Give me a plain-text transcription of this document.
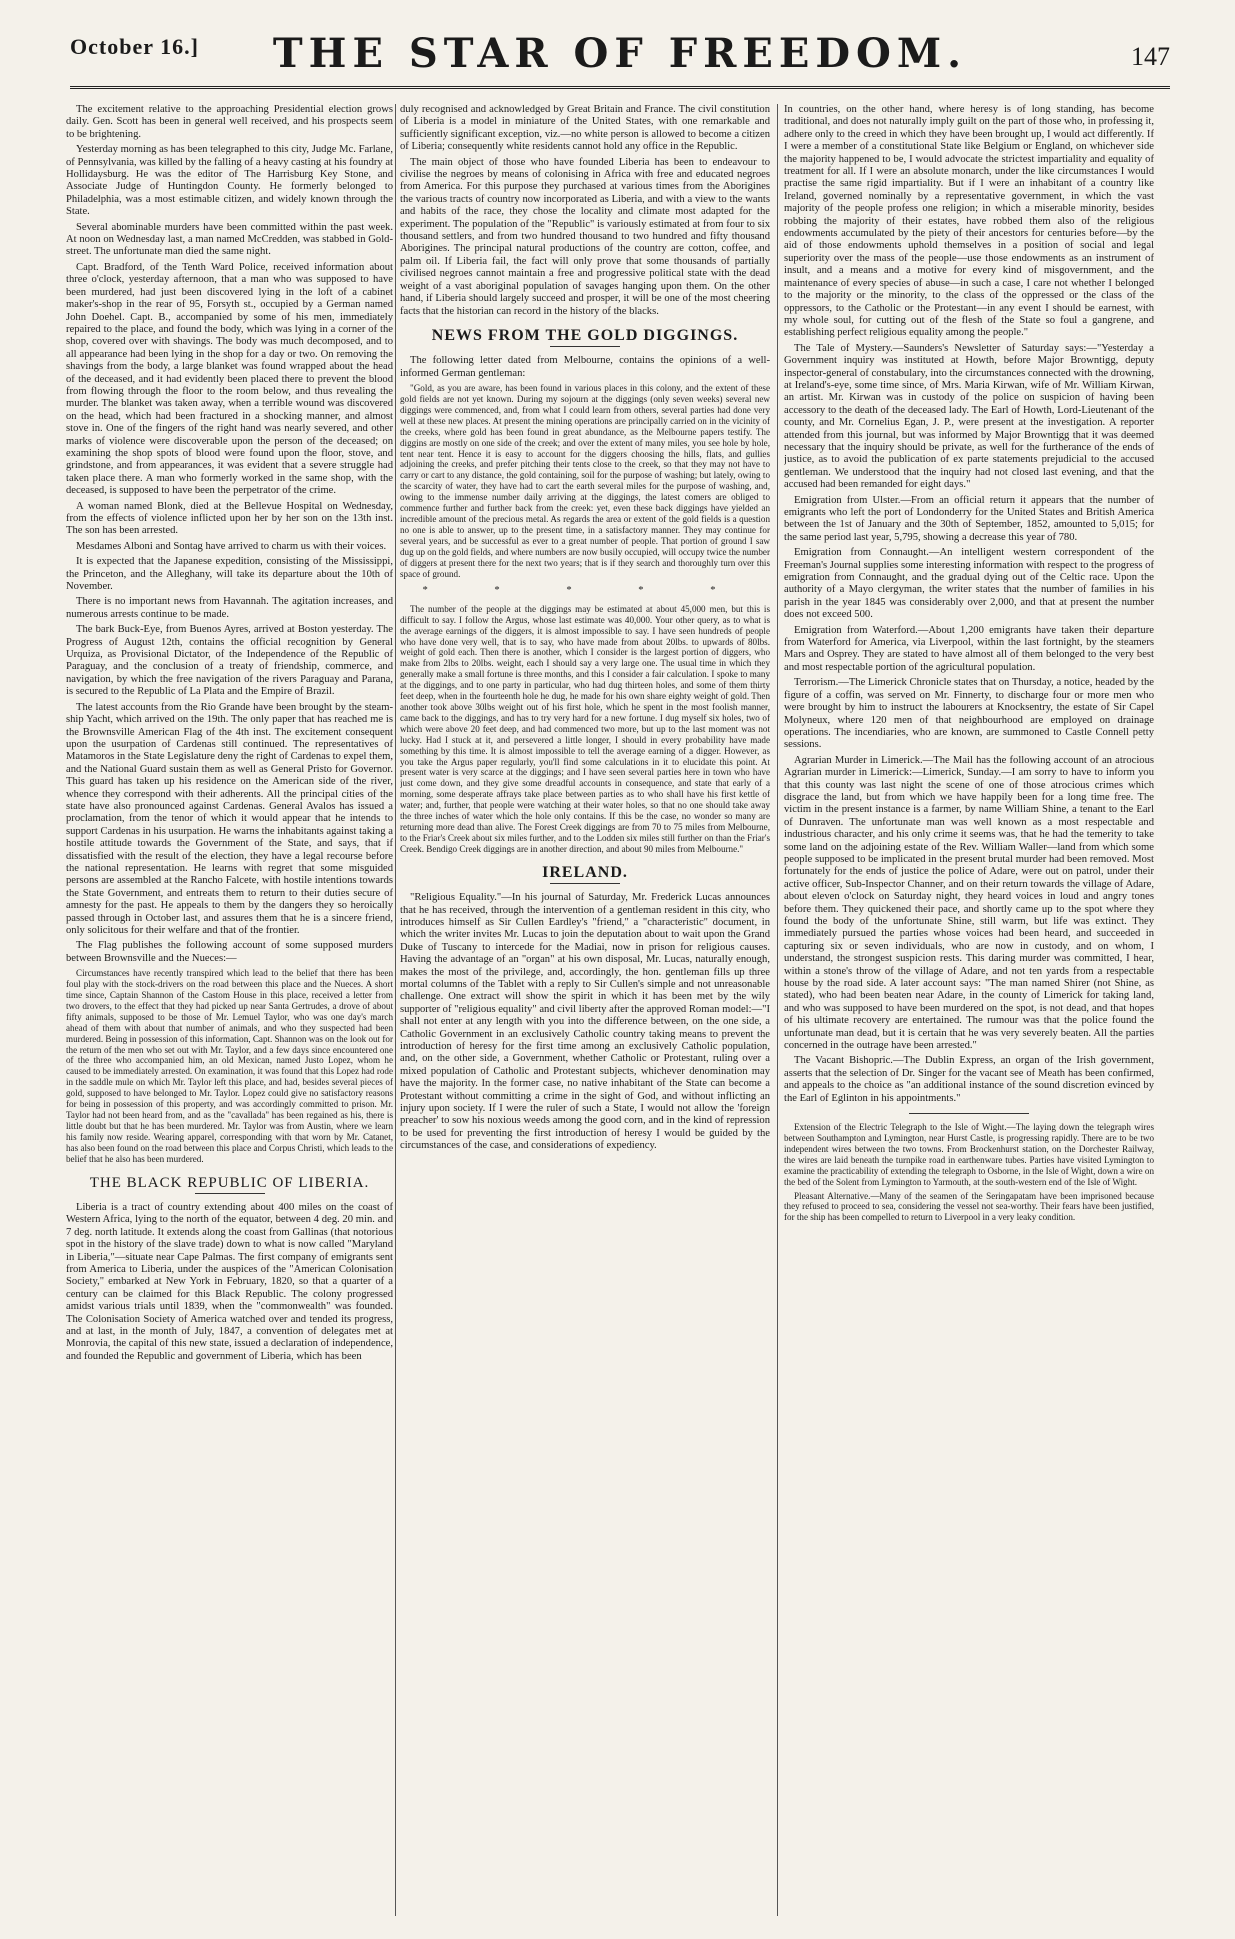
October 16.]	THE STAR OF FREEDOM.	147

The excitement relative to the approaching Presidential election grows daily. Gen. Scott has been in general well received, and his prospects seem to be brightening.

Yesterday morning as has been telegraphed to this city, Judge Mc. Farlane, of Pennsylvania, was killed by the falling of a heavy casting at his foundry at Hollidaysburg. He was the editor of The Harrisburg Key Stone, and Associate Judge of Huntingdon County. He formerly belonged to Philadelphia, was a most estimable citizen, and widely known through the State.

Several abominable murders have been committed within the past week. At noon on Wednesday last, a man named McCredden, was stabbed in Gold-street. The unfortunate man died the same night.

Capt. Bradford, of the Tenth Ward Police, received information about three o'clock, yesterday afternoon, that a man who was supposed to have been murdered, had just been discovered lying in the loft of a cabinet maker's-shop in the rear of 95, Forsyth st., occupied by a German named John Doehel. Capt. B., accompanied by some of his men, immediately repaired to the place, and found the body, which was lying in a corner of the shop, covered over with shavings. The body was much decomposed, and to all appearance had been lying in the shop for a day or two. On removing the shavings from the body, a large blanket was found wrapped about the head of the deceased, and it had evidently been placed there to prevent the blood from flowing through the floor to the room below, and thus revealing the murder. The blanket was taken away, when a terrible wound was discovered on the head, which had been fractured in a shocking manner, and almost stove in. One of the fingers of the right hand was nearly severed, and other marks of violence were discoverable upon the person of the deceased; on examining the shop spots of blood were found upon the floor, stove, and grindstone, and from appearances, it was evident that a severe struggle had taken place there. A man who formerly worked in the same shop, with the deceased, is supposed to have been the perpetrator of the crime.

A woman named Blonk, died at the Bellevue Hospital on Wednesday, from the effects of violence inflicted upon her by her son on the 13th inst. The son has been arrested.

Mesdames Alboni and Sontag have arrived to charm us with their voices.

It is expected that the Japanese expedition, consisting of the Mississippi, the Princeton, and the Alleghany, will take its departure about the 10th of November.

There is no important news from Havannah. The agitation increases, and numerous arrests continue to be made.

The bark Buck-Eye, from Buenos Ayres, arrived at Boston yesterday. The Progress of August 12th, contains the official recognition by General Urquiza, as Provisional Dictator, of the Independence of the Republic of Paraguay, and the conclusion of a treaty of friendship, commerce, and navigation, by which the free navigation of the rivers Paraguay and Parana, is secured to the Republic of La Plata and the Empire of Brazil.

The latest accounts from the Rio Grande have been brought by the steam-ship Yacht, which arrived on the 19th. The only paper that has reached me is the Brownsville American Flag of the 4th inst. The excitement consequent upon the usurpation of Cardenas still continued. The representatives of Matamoros in the State Legislature deny the right of Cardenas to expel them, and the National Guard sustain them as well as General Pristo for Governor. This guard has taken up his residence on the American side of the river, whence they correspond with their adherents. All the principal cities of the state have also pronounced against Cardenas. General Avalos has issued a proclamation, from the tenor of which it would appear that he intends to support Cardenas in his usurpation. He warns the inhabitants against taking a hostile attitude towards the Government of the State, and says, that if dissatisfied with the result of the election, they have a legal recourse before the national representation. He learns with regret that some misguided persons are assembled at the Rancho Falcete, with hostile intentions towards the State Government, and entreats them to return to their duties secure of amnesty for the past. He appeals to them by the dangers they so heroically passed through in October last, and assures them that he is a sincere friend, only solicitous for their welfare and that of the frontier.

The Flag publishes the following account of some supposed murders between Brownsville and the Nueces:—

Circumstances have recently transpired which lead to the belief that there has been foul play with the stock-drivers on the road between this place and the Nueces. A short time since, Captain Shannon of the Castom House in this place, received a letter from two drovers, to the effect that they had picked up near Santa Gertrudes, a drove of about fifty animals, supposed to be those of Mr. Lemuel Taylor, who was one day's march ahead of them with about that number of animals, and who they suspected had been murdered. Being in possession of this information, Capt. Shannon was on the look out for the return of the men who set out with Mr. Taylor, and a few days since encountered one of the three who accompanied him, an old Mexican, named Justo Lopez, whom he caused to be immediately arrested. On examination, it was found that this Lopez had rode in the saddle mule on which Mr. Taylor left this place, and had, besides several pieces of gold, supposed to have belonged to Mr. Taylor. Lopez could give no satisfactory reasons for being in possession of this property, and was accordingly committed to prison. Mr. Taylor had not been heard from, and as the "cavallada" has been regained as his, there is little doubt but that he has been murdered. Mr. Taylor was from Austin, where we learn his family now reside. Wearing apparel, corresponding with that worn by Mr. Catanet, has also been found on the road between this place and Corpus Christi, which leads to the belief that he also has been murdered.

THE BLACK REPUBLIC OF LIBERIA.

Liberia is a tract of country extending about 400 miles on the coast of Western Africa, lying to the north of the equator, between 4 deg. 20 min. and 7 deg. north latitude. It extends along the coast from Gallinas (that notorious spot in the history of the slave trade) down to what is now called "Maryland in Liberia,"—situate near Cape Palmas. The first company of emigrants sent from America to Liberia, under the auspices of the "American Colonisation Society," embarked at New York in February, 1820, so that a quarter of a century can be claimed for this Black Republic. The colony progressed amidst various trials until 1839, when the "commonwealth" was founded. The Colonisation Society of America watched over and tended its progress, and at last, in the month of July, 1847, a convention of delegates met at Monrovia, the capital of this new state, issued a declaration of independence, and founded the Republic and government of Liberia, which has been

duly recognised and acknowledged by Great Britain and France. The civil constitution of Liberia is a model in miniature of the United States, with one remarkable and sufficiently significant exception, viz.—no white person is allowed to become a citizen of Liberia; consequently white residents cannot hold any office in the Republic.

The main object of those who have founded Liberia has been to endeavour to civilise the negroes by means of colonising in Africa with free and educated negroes from America. For this purpose they purchased at various times from the Aborigines the various tracts of country now incorporated as Liberia, and with a view to the wants and habits of the race, they chose the locality and climate most adapted for the experiment. The population of the "Republic" is variously estimated at from four to six thousand settlers, and from two hundred thousand to two hundred and fifty thousand Aborigines. The principal natural productions of the country are cotton, coffee, and palm oil. If Liberia fail, the fact will only prove that some thousands of partially civilised negroes cannot maintain a free and progressive political state with the dead weight of a vast aboriginal population of savages hanging upon them. On the other hand, if Liberia should largely succeed and prosper, it will be one of the most cheering facts that the historian can record in the history of the blacks.

NEWS FROM THE GOLD DIGGINGS.

The following letter dated from Melbourne, contains the opinions of a well-informed German gentleman:

"Gold, as you are aware, has been found in various places in this colony, and the extent of these gold fields are not yet known. During my sojourn at the diggings (only seven weeks) several new diggings were commenced, and, from what I could learn from others, several parties had done very well at these new places. At present the mining operations are principally carried on in the vicinity of the creeks, where gold has been found in great abundance, as the Melbourne papers testify. The diggins are mostly on one side of the creek; and over the extent of many miles, you see hole by hole, tent near tent. Hence it is easy to account for the diggers choosing the hills, flats, and gullies adjoining the creeks, and prefer pitching their tents close to the creek, so that they may not have to carry or cart to any distance, the gold containing, soil for the purpose of washing; but lately, owing to the scarcity of water, they have had to cart the earth several miles for the purpose of washing, and, owing to the immense number daily arriving at the diggings, the latest comers are obliged to commence further and further back from the creek: yet, even these back diggings have yielded an incredible amount of the precious metal. As regards the area or extent of the gold fields is a question no one is able to answer, up to the present time, in a satisfactory manner. They may continue for several years, and be successful as ever to a great number of people. That portion of ground I saw dug up on the gold fields, and where numbers are now busily occupied, will occupy twice the number of diggers at present there for the next two years; that is if they search and thoroughly turn over this space of ground.

* * * * *

The number of the people at the diggings may be estimated at about 45,000 men, but this is difficult to say. I follow the Argus, whose last estimate was 40,000. Your other query, as to what is the average earnings of the diggers, it is almost impossible to say. I have seen hundreds of people who have done very well, that is to say, who have made from about 20lbs. to upwards of 80lbs. weight of gold each. Then there is another, which I consider is the largest portion of diggers, who make from 2lbs to 20lbs. weight, each I should say a very large one. The usual time in which they generally make a small fortune is three months, and this I consider a fair calculation. I spoke to many at the diggings, and to one party in particular, who had dug thirteen holes, and some of them thirty feet deep, when in the fourteenth hole he dug, he made for his own share eighty weight of gold. Then another took above 30lbs weight out of his first hole, which he spent in the most foolish manner, came back to the diggings, and has to try very hard for a new fortune. I dug myself six holes, two of which were above 20 feet deep, and had commenced two more, but up to the last moment was not lucky. Had I stuck at it, and persevered a little longer, I should in every probability have made something by this time. It is almost impossible to tell the average earning of a digger. However, as you take the Argus paper regularly, you'll find some calculations in it to elucidate this point. At present water is very scarce at the diggings; and I have seen several parties here in town who have just come down, and they give some dreadful accounts in consequence, and state that early of a morning, some desperate affrays take place between parties as to who shall have his first kettle of water; and, further, that people were watching at their water holes, so that no one should take away the three inches of water which the hole only contains. If this be the case, no wonder so many are returning more dead than alive. The Forest Creek diggings are from 70 to 75 miles from Melbourne, to the Friar's Creek about six miles further, and to the Lodden six miles still further on than the Friar's Creek. Bendigo Creek diggings are in another direction, and about 90 miles from Melbourne."

IRELAND.

"Religious Equality."—In his journal of Saturday, Mr. Frederick Lucas announces that he has received, through the intervention of a gentleman resident in this city, who introduces himself as Sir Cullen Eardley's "friend," a "characteristic" document, in which the writer invites Mr. Lucas to join the deputation about to wait upon the Grand Duke of Tuscany to intercede for the Madiai, now in prison for religious causes. Having the advantage of an "organ" at his own disposal, Mr. Lucas, naturally enough, makes the most of the privilege, and, accordingly, the hon. gentleman fills up three mortal columns of the Tablet with a reply to Sir Cullen's simple and not unreasonable challenge. One extract will show the spirit in which it has been met by the wily supporter of "religious equality" and civil liberty after the approved Roman model:—"I shall not enter at any length with you into the difference between, on the one side, a Catholic Government in an exclusively Catholic country taking means to prevent the introduction of heresy for the first time among an exclusively Catholic population, and, on the other side, a Government, whether Catholic or Protestant, ruling over a mixed population of Catholic and Protestant subjects, whichever denomination may have the majority. In the former case, no native inhabitant of the State can become a Protestant without committing a crime in the sight of God, and without inflicting an injury upon society. If I were the ruler of such a State, I would not allow the 'foreign preacher' to sow his noxious weeds among the good corn, and in the kind of repression to be used for preventing the first introduction of heresy I would be guided by the circumstances of the case, and considerations of expediency.

In countries, on the other hand, where heresy is of long standing, has become traditional, and does not naturally imply guilt on the part of those who, in professing it, adhere only to the creed in which they have been brought up, I would act differently. If I were a member of a constitutional State like Belgium or England, on whichever side the majority happened to be, I would advocate the strictest impartiality and equality of treatment for all. If I were an absolute monarch, under the like circumstances I would practise the same rigid impartiality. But if I were an inhabitant of a country like Ireland, governed nominally by a representative government, in which the vast majority of the people profess one religion; in which a miserable minority, besides robbing the majority of their estates, have robbed them also of the religious endowments accumulated by the piety of their ancestors for centuries before—by the aid of those endowments uphold themselves in a position of social and legal superiority over the mass of the people—use those endowments as an instrument of insult, and a means and a motive for every kind of misgovernment, and the maintenance of every species of abuse—in such a case, I care not whether I belonged to the majority or the minority, to the class of the oppressed or the class of the oppressors, to the Catholic or the Protestant—in any event I should be earnest, with my whole soul, for cutting out of the flesh of the State so foul a gangrene, and establishing perfect religious equality among the people."

The Tale of Mystery.—Saunders's Newsletter of Saturday says:—"Yesterday a Government inquiry was instituted at Howth, before Major Browntigg, deputy inspector-general of constabulary, into the circumstances connected with the drowning, at Ireland's-eye, some time since, of Mrs. Maria Kirwan, wife of Mr. William Kirwan, an artist. Mr. Kirwan was in custody of the police on suspicion of having been accessory to the death of the deceased lady. The Earl of Howth, Lord-Lieutenant of the county, and Mr. Cornelius Egan, J. P., were present at the investigation. A reporter attended from this journal, but was informed by Major Browntigg that it was deemed necessary that the inquiry should be private, as well for the furtherance of the ends of justice, as to avoid the publication of ex parte statements prejudicial to the accused gentleman. We understood that the inquiry had not closed last evening, and that the accused had been remanded for eight days."

Emigration from Ulster.—From an official return it appears that the number of emigrants who left the port of Londonderry for the United States and British America between the 1st of January and the 30th of September, 1852, amounted to 5,015; for the same period last year, 5,795, showing a decrease this year of 780.

Emigration from Connaught.—An intelligent western correspondent of the Freeman's Journal supplies some interesting information with respect to the progress of emigration from Connaught, and the gradual dying out of the Celtic race. Upon the authority of a Mayo clergyman, the writer states that the number of families in his parish in the year 1845 was considerably over 2,000, and that at present the number does not exceed 500.

Emigration from Waterford.—About 1,200 emigrants have taken their departure from Waterford for America, via Liverpool, within the last fortnight, by the steamers Mars and Osprey. They are stated to have almost all of them belonged to the very best and most respectable portion of the agricultural population.

Terrorism.—The Limerick Chronicle states that on Thursday, a notice, headed by the figure of a coffin, was served on Mr. Finnerty, to discharge four or more men who were brought by him to instruct the labourers at Knocksentry, the estate of Sir Capel Molyneux, where 120 men of that neighbourhood are employed on drainage operations. The incendiaries, who are known, are summoned to Castle Connell petty sessions.

Agrarian Murder in Limerick.—The Mail has the following account of an atrocious Agrarian murder in Limerick:—Limerick, Sunday.—I am sorry to have to inform you that this county was last night the scene of one of those atrocious crimes which disgrace the land, but from which we have happily been for a long time free. The victim in the present instance is a farmer, by name William Shine, a tenant to the Earl of Dunraven. The unfortunate man was well known as a most respectable and industrious character, and his only crime it seems was, that he had the temerity to take some land on the adjoining estate of the Rev. William Waller—land from which some people supposed to be implicated in the present brutal murder had been removed. Most fortunately for the ends of justice the police of Adare, were out on patrol, under their active officer, Sub-Inspector Channer, and on their return towards the village of Adare, about eleven o'clock on Saturday night, they heard voices in loud and angry tones before them. They quickened their pace, and shortly came up to the spot where they found the body of the unfortunate Shine, still warm, but life was extinct. They immediately pursued the parties whose voices had been heard, and succeeded in capturing six or seven individuals, who are now in custody, and on whom, I understand, the strongest suspicion rests. This daring murder was committed, I hear, within a stone's throw of the village of Adare, and not ten yards from a respectable house by the road side. A later account says: "The man named Shirer (not Shine, as stated), who had been beaten near Adare, in the county of Limerick for taking land, and who was supposed to have been murdered on the spot, is not dead, and that hopes of his ultimate recovery are entertained. The rumour was that the police found the unfortunate man dead, but it is certain that he was very severely beaten. All the parties concerned in the outrage have been arrested."

The Vacant Bishopric.—The Dublin Express, an organ of the Irish government, asserts that the selection of Dr. Singer for the vacant see of Meath has been confirmed, and appeals to the choice as "an additional instance of the sound discretion evinced by the Earl of Eglinton in his appointments."

Extension of the Electric Telegraph to the Isle of Wight.—The laying down the telegraph wires between Southampton and Lymington, near Hurst Castle, is progressing rapidly. There are to be two independent wires between the two towns. From Brockenhurst station, on the Dorchester Railway, the wires are laid beneath the turnpike road in earthenware tubes. Parties have visited Lymington to examine the practicability of extending the telegraph to Osborne, in the Isle of Wight, down a wire on the bed of the Solent from Lymington to Yarmouth, at the south-western end of the Isle of Wight.

Pleasant Alternative.—Many of the seamen of the Seringapatam have been imprisoned because they refused to proceed to sea, considering the vessel not sea-worthy. Their fears have been justified, for the ship has been compelled to return to Liverpool in a very leaky condition.
